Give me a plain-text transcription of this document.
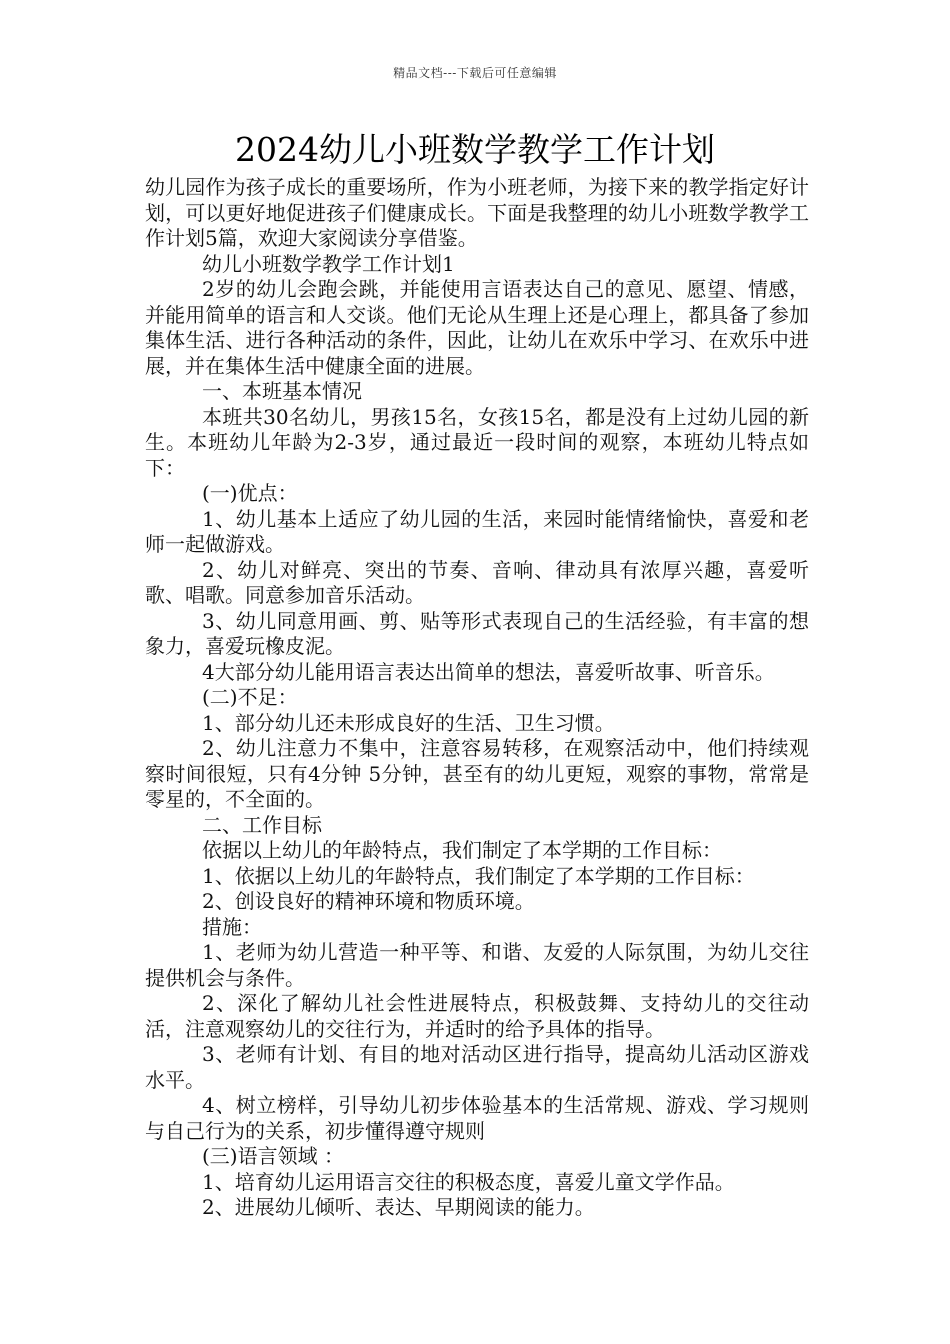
精品文档---下载后可任意编辑
2024幼儿小班数学教学工作计划

幼儿园作为孩子成长的重要场所，作为小班老师，为接下来的教学指定好计划，可以更好地促进孩子们健康成长。下面是我整理的幼儿小班数学教学工作计划5篇，欢迎大家阅读分享借鉴。

幼儿小班数学教学工作计划1

2岁的幼儿会跑会跳，并能使用言语表达自己的意见、愿望、情感，并能用简单的语言和人交谈。他们无论从生理上还是心理上，都具备了参加集体生活、进行各种活动的条件，因此，让幼儿在欢乐中学习、在欢乐中进展，并在集体生活中健康全面的进展。

一、本班基本情况

本班共30名幼儿，男孩15名，女孩15名，都是没有上过幼儿园的新生。本班幼儿年龄为2-3岁，通过最近一段时间的观察，本班幼儿特点如下：

(一)优点：

1、幼儿基本上适应了幼儿园的生活，来园时能情绪愉快，喜爱和老师一起做游戏。

2、幼儿对鲜亮、突出的节奏、音响、律动具有浓厚兴趣，喜爱听歌、唱歌。同意参加音乐活动。

3、幼儿同意用画、剪、贴等形式表现自己的生活经验，有丰富的想象力，喜爱玩橡皮泥。

4大部分幼儿能用语言表达出简单的想法，喜爱听故事、听音乐。

(二)不足：

1、部分幼儿还未形成良好的生活、卫生习惯。

2、幼儿注意力不集中，注意容易转移，在观察活动中，他们持续观察时间很短，只有4分钟 5分钟，甚至有的幼儿更短，观察的事物，常常是零星的，不全面的。

二、工作目标

依据以上幼儿的年龄特点，我们制定了本学期的工作目标：

1、依据以上幼儿的年龄特点，我们制定了本学期的工作目标：

2、创设良好的精神环境和物质环境。

措施：

1、老师为幼儿营造一种平等、和谐、友爱的人际氛围，为幼儿交往提供机会与条件。

2、深化了解幼儿社会性进展特点，积极鼓舞、支持幼儿的交往动活，注意观察幼儿的交往行为，并适时的给予具体的指导。

3、老师有计划、有目的地对活动区进行指导，提高幼儿活动区游戏水平。

4、树立榜样，引导幼儿初步体验基本的生活常规、游戏、学习规则与自己行为的关系，初步懂得遵守规则

(三)语言领域 ：

1、培育幼儿运用语言交往的积极态度，喜爱儿童文学作品。

2、进展幼儿倾听、表达、早期阅读的能力。
